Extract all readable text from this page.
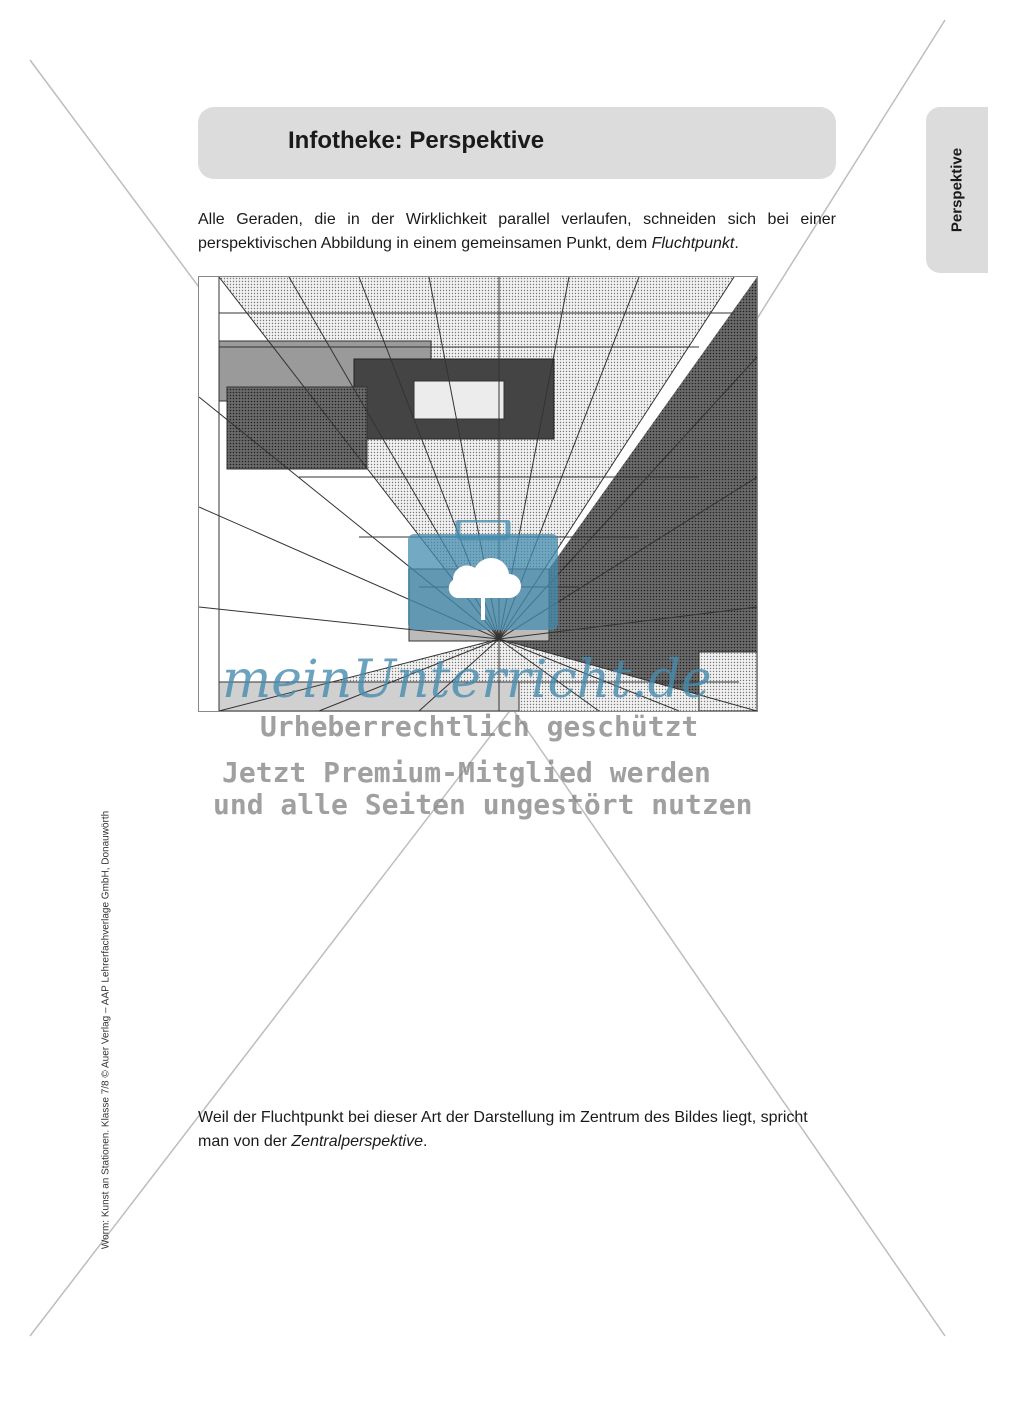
Infotheke: Perspektive
Perspektive

Alle Geraden, die in der Wirklichkeit parallel verlaufen, schneiden sich bei einer perspektivischen Abbildung in einem gemeinsamen Punkt, dem Fluchtpunkt.

Weil der Fluchtpunkt bei dieser Art der Darstellung im Zentrum des Bildes liegt, spricht man von der Zentralperspektive.

Worm: Kunst an Stationen. Klasse 7/8 © Auer Verlag – AAP Lehrerfachverlage GmbH, Donauwörth
meinUnterricht.de
Urheberrechtlich geschützt
Jetzt Premium-Mitglied werden
und alle Seiten ungestört nutzen
